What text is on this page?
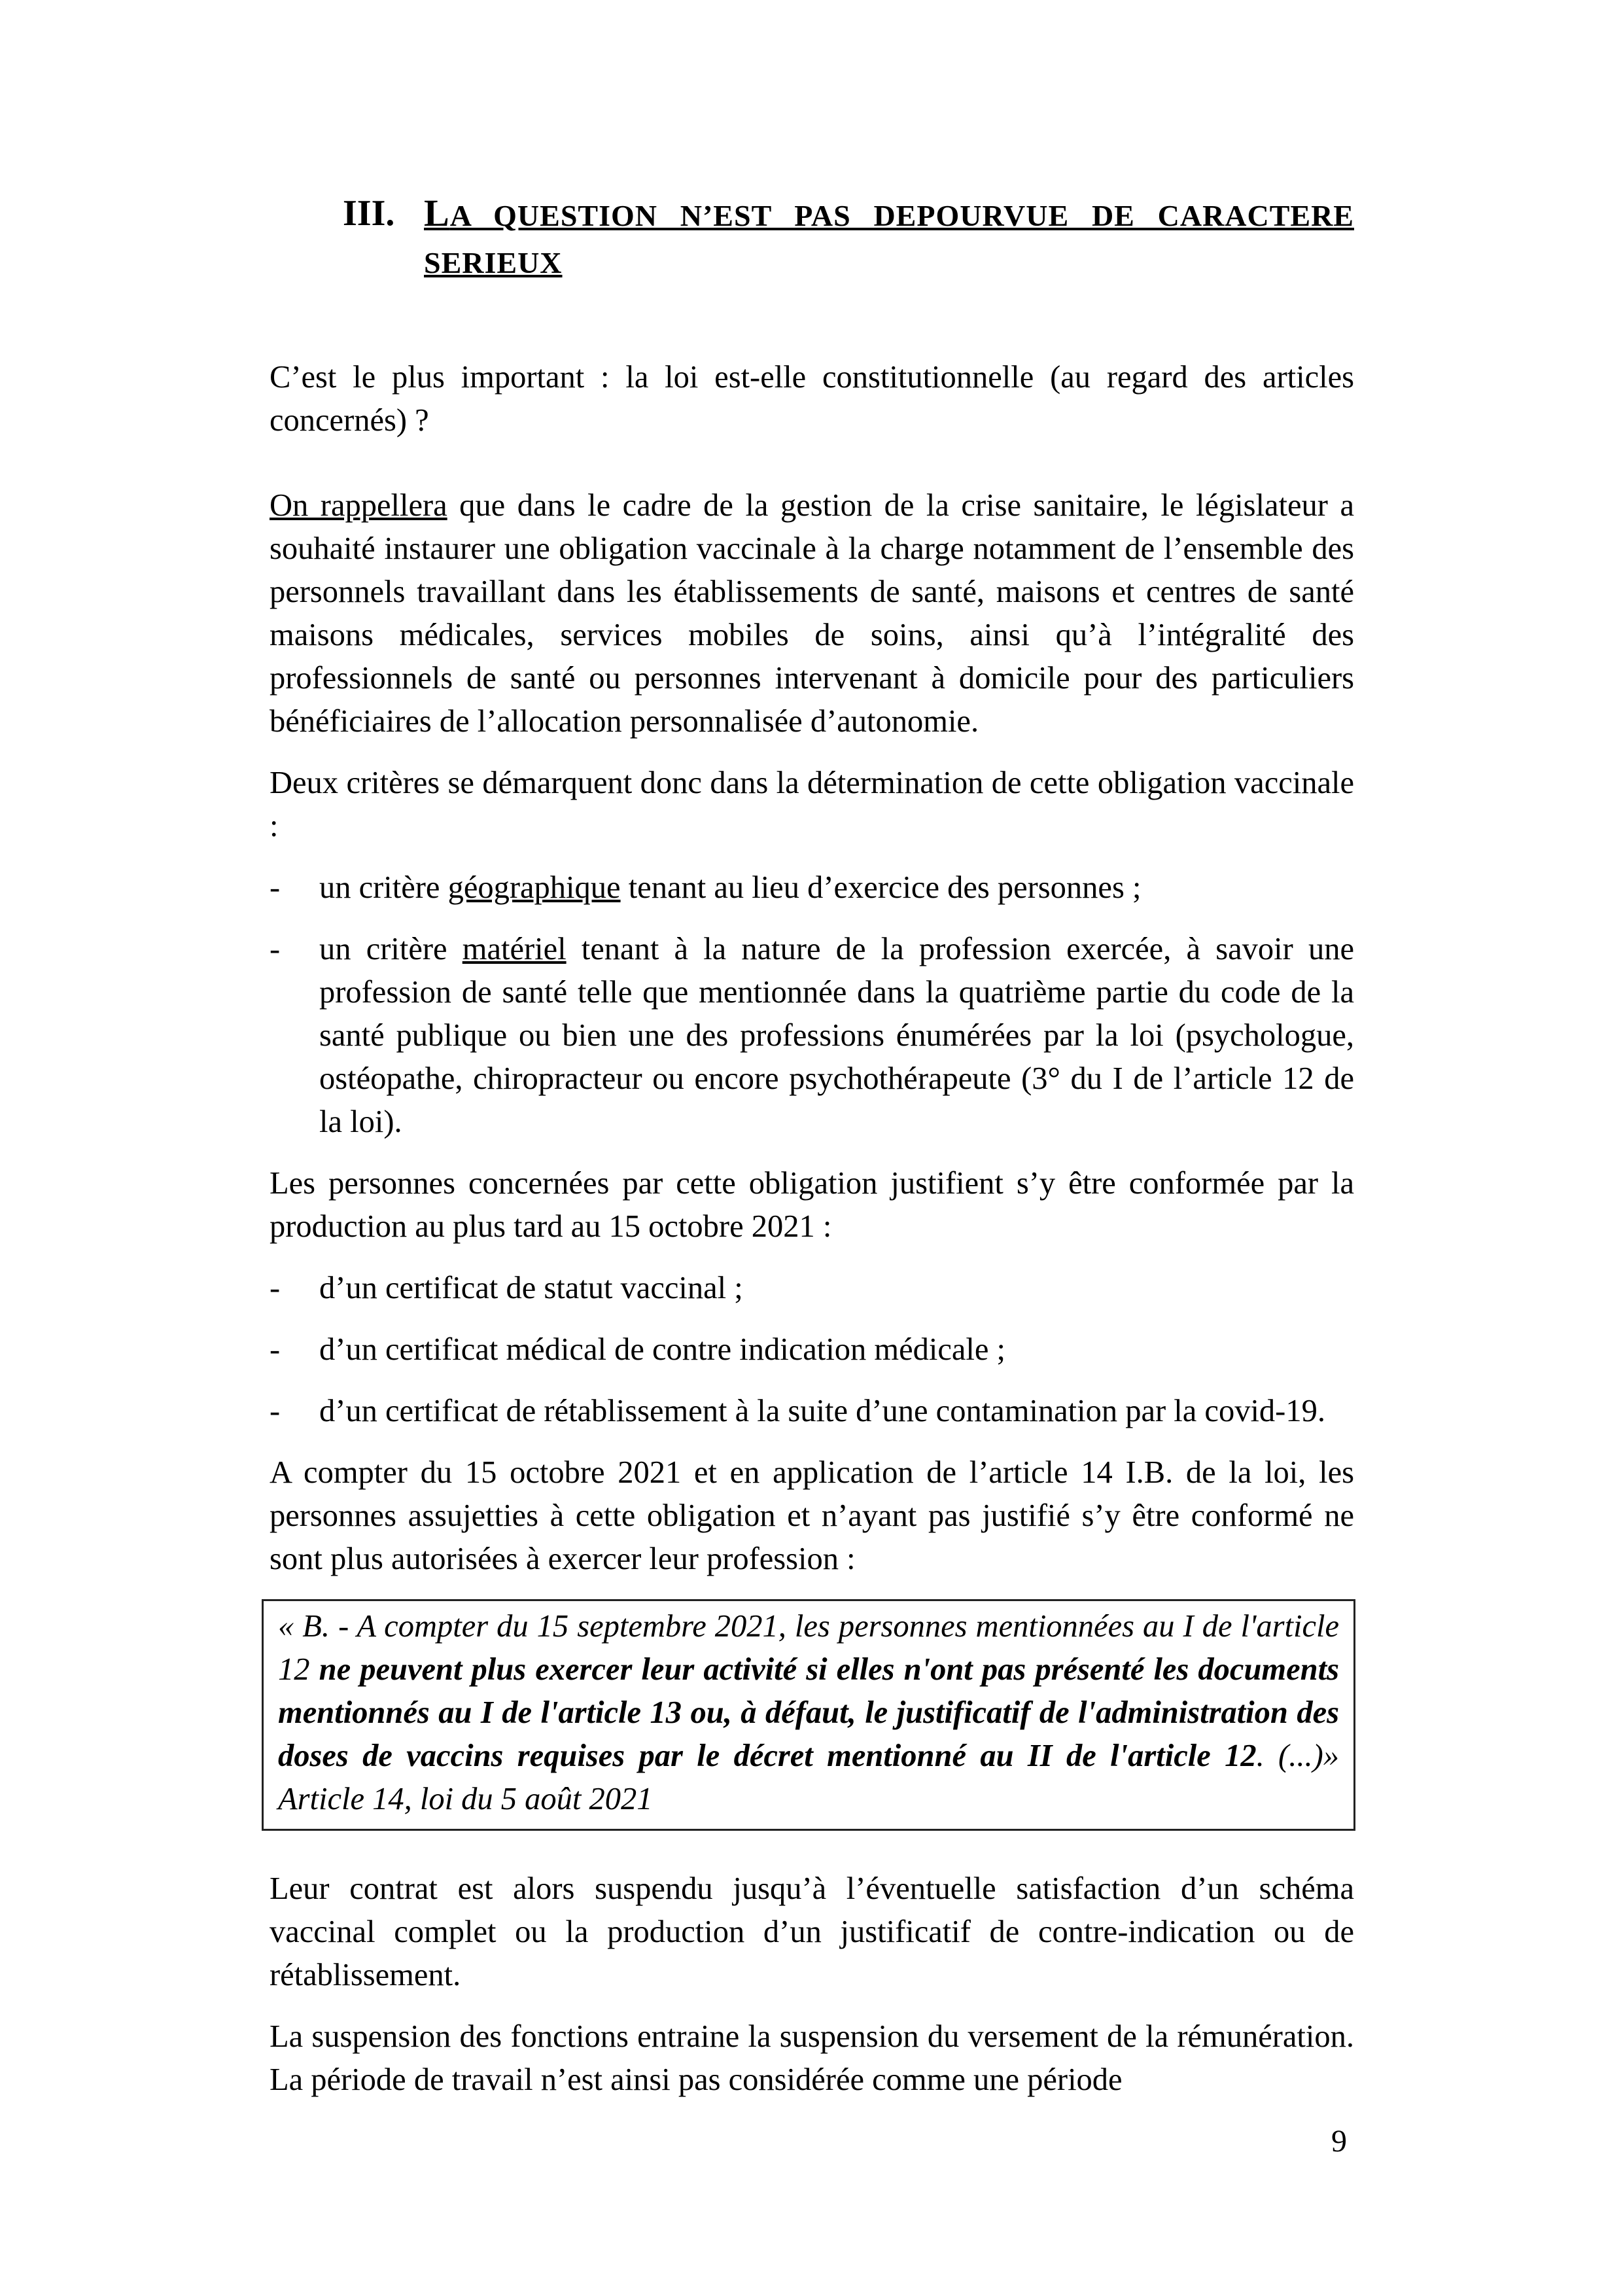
III. LA QUESTION N’EST PAS DEPOURVUE DE CARACTERE
SERIEUX

C’est le plus important : la loi est-elle constitutionnelle (au regard des articles concernés) ?

On rappellera que dans le cadre de la gestion de la crise sanitaire, le législateur a souhaité instaurer une obligation vaccinale à la charge notamment de l’ensemble des personnels travaillant dans les établissements de santé, maisons et centres de santé maisons médicales, services mobiles de soins, ainsi qu’à l’intégralité des professionnels de santé ou personnes intervenant à domicile pour des particuliers bénéficiaires de l’allocation personnalisée d’autonomie.

Deux critères se démarquent donc dans la détermination de cette obligation vaccinale :

-	un critère géographique tenant au lieu d’exercice des personnes ;
-	un critère matériel tenant à la nature de la profession exercée, à savoir une profession de santé telle que mentionnée dans la quatrième partie du code de la santé publique ou bien une des professions énumérées par la loi (psychologue, ostéopathe, chiropracteur ou encore psychothérapeute (3° du I de l’article 12 de la loi).

Les personnes concernées par cette obligation justifient s’y être conformée par la production au plus tard au 15 octobre 2021 :

-	d’un certificat de statut vaccinal ;
-	d’un certificat médical de contre indication médicale ;
-	d’un certificat de rétablissement à la suite d’une contamination par la covid-19.

A compter du 15 octobre 2021 et en application de l’article 14 I.B. de la loi, les personnes assujetties à cette obligation et n’ayant pas justifié s’y être conformé ne sont plus autorisées à exercer leur profession :

« B. - A compter du 15 septembre 2021, les personnes mentionnées au I de l'article 12 ne peuvent plus exercer leur activité si elles n'ont pas présenté les documents mentionnés au I de l'article 13 ou, à défaut, le justificatif de l'administration des doses de vaccins requises par le décret mentionné au II de l'article 12. (...)» Article 14, loi du 5 août 2021

Leur contrat est alors suspendu jusqu’à l’éventuelle satisfaction d’un schéma vaccinal complet ou la production d’un justificatif de contre-indication ou de rétablissement.

La suspension des fonctions entraine la suspension du versement de la rémunération. La période de travail n’est ainsi pas considérée comme une période

9
